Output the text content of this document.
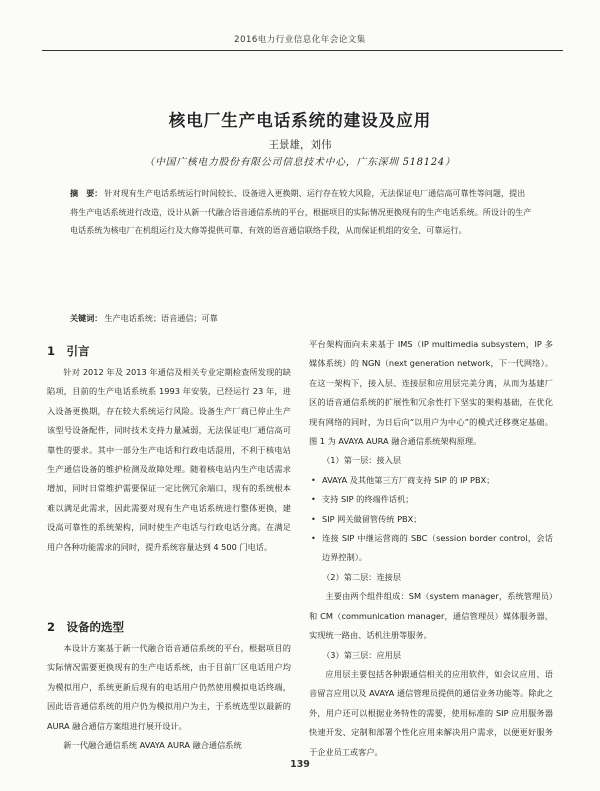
2016电力行业信息化年会论文集
核电厂生产电话系统的建设及应用
王景雄，刘伟
（中国广核电力股份有限公司信息技术中心，广东深圳 518124）
摘　要： 针对现有生产电话系统运行时间较长、设备进入更换期、运行存在较大风险，无法保证电厂通信高可靠性等问题，提出将生产电话系统进行改造，设计从新一代融合语音通信系统的平台，根据项目的实际情况更换现有的生产电话系统。所设计的生产电话系统为核电厂在机组运行及大修等提供可靠、有效的语音通信联络手段，从而保证机组的安全、可靠运行。
关键词： 生产电话系统；语音通信；可靠
1　引言

针对 2012 年及 2013 年通信及相关专业定期检查所发现的缺陷项，目前的生产电话系统系 1993 年安装，已经运行 23 年，进入设备更换期，存在较大系统运行风险。设备生产厂商已停止生产该型号设备配件，同时技术支持力量减弱，无法保证电厂通信高可靠性的要求。其中一部分生产电话和行政电话混用，不利于核电站生产通信设备的维护检测及故障处理。随着核电站内生产电话需求增加，同时日常维护需要保证一定比例冗余端口，现有的系统根本难以满足此需求，因此需要对现有生产电话系统进行整体更换，建设高可靠性的系统架构，同时使生产电话与行政电话分离。在满足用户各种功能需求的同时，提升系统容量达到 4 500 门电话。

2　设备的选型

本设计方案基于新一代融合语音通信系统的平台，根据项目的实际情况需要更换现有的生产电话系统，由于目前厂区电话用户均为模拟用户，系统更新后现有的电话用户仍然使用模拟电话终端，因此语音通信系统的用户仍为模拟用户为主，于系统选型以最新的 AURA 融合通信方案组进行展开设计。

新一代融合通信系统 AVAYA AURA 融合通信系统

平台架构面向未来基于 IMS（IP multimedia subsystem，IP 多媒体系统）的 NGN（next generation network，下一代网络）。在这一架构下，接入层、连接层和应用层完美分离，从而为基建厂区的语音通信系统的扩展性和冗余性打下坚实的架构基础，在优化现有网络的同时，为日后向“以用户为中心”的模式迁移奠定基础。图 1 为 AVAYA AURA 融合通信系统架构原理。

（1）第一层：接入层
• AVAYA 及其他第三方厂商支持 SIP 的 IP PBX；
• 支持 SIP 的终端件话机；
• SIP 网关做留管传统 PBX；
• 连接 SIP 中继运营商的 SBC（session border control，会话边界控制）。
（2）第二层：连接层

主要由两个组件组成：SM（system manager，系统管理员）和 CM（communication manager，通信管理员）媒体服务器，实现统一路由、话机注册等服务。

（3）第三层：应用层

应用层主要包括各种跟通信相关的应用软件，如会议应用、语音留言应用以及 AVAYA 通信管理员提供的通信业务功能等。除此之外，用户还可以根据业务特性的需要，使用标准的 SIP 应用服务器快速开发、定制和部署个性化应用来解决用户需求，以便更好服务于企业员工或客户。

139
